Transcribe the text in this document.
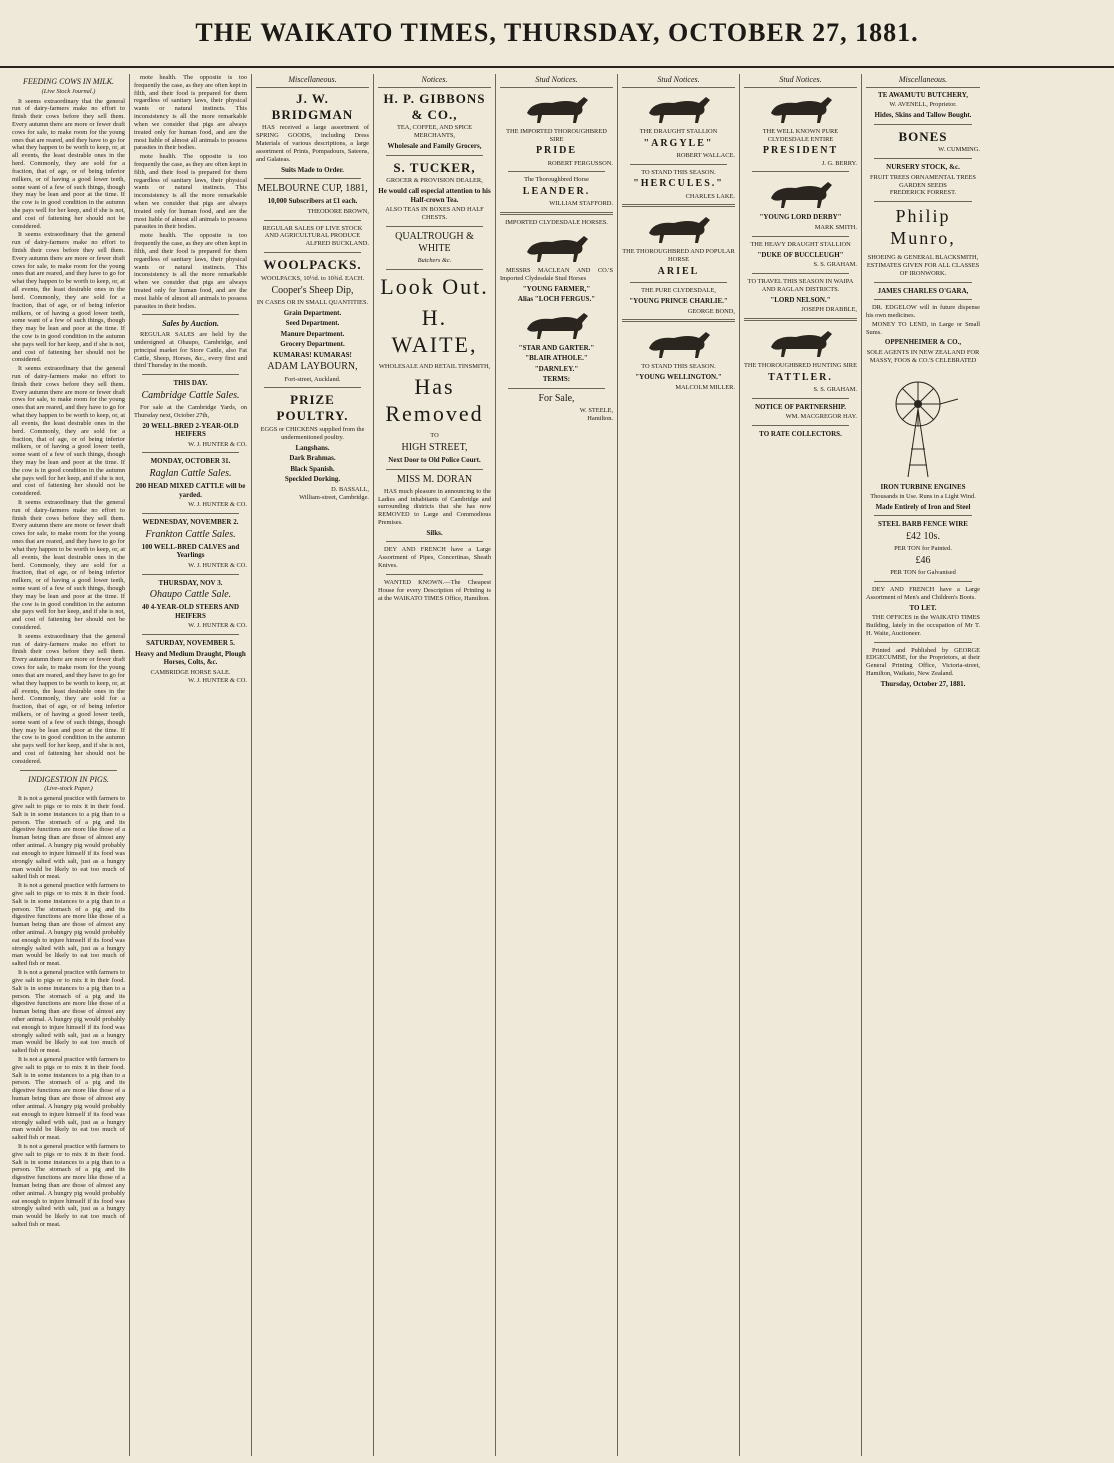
THE WAIKATO TIMES, THURSDAY, OCTOBER 27, 1881.
FEEDING COWS IN MILK.
(Live Stock Journal.)

It seems extraordinary that the general run of dairy-farmers make no effort to finish their cows before they sell them. Every autumn there are more or fewer draft cows for sale, to make room for the young ones that are reared, and they have to go for what they happen to be worth to keep, or, at all events, the least desirable ones in the herd. Commonly, they are sold for a fraction, that of age, or of being inferior milkers, or of having a good lower teeth, some want of a few of such things, though they may be lean and poor at the time. If the cow is in good condition in the autumn she pays well for her keep, and if she is not, and cost of fattening her should not be considered.

It seems extraordinary that the general run of dairy-farmers make no effort to finish their cows before they sell them. Every autumn there are more or fewer draft cows for sale, to make room for the young ones that are reared, and they have to go for what they happen to be worth to keep, or, at all events, the least desirable ones in the herd. Commonly, they are sold for a fraction, that of age, or of being inferior milkers, or of having a good lower teeth, some want of a few of such things, though they may be lean and poor at the time. If the cow is in good condition in the autumn she pays well for her keep, and if she is not, and cost of fattening her should not be considered.

It seems extraordinary that the general run of dairy-farmers make no effort to finish their cows before they sell them. Every autumn there are more or fewer draft cows for sale, to make room for the young ones that are reared, and they have to go for what they happen to be worth to keep, or, at all events, the least desirable ones in the herd. Commonly, they are sold for a fraction, that of age, or of being inferior milkers, or of having a good lower teeth, some want of a few of such things, though they may be lean and poor at the time. If the cow is in good condition in the autumn she pays well for her keep, and if she is not, and cost of fattening her should not be considered.

It seems extraordinary that the general run of dairy-farmers make no effort to finish their cows before they sell them. Every autumn there are more or fewer draft cows for sale, to make room for the young ones that are reared, and they have to go for what they happen to be worth to keep, or, at all events, the least desirable ones in the herd. Commonly, they are sold for a fraction, that of age, or of being inferior milkers, or of having a good lower teeth, some want of a few of such things, though they may be lean and poor at the time. If the cow is in good condition in the autumn she pays well for her keep, and if she is not, and cost of fattening her should not be considered.

It seems extraordinary that the general run of dairy-farmers make no effort to finish their cows before they sell them. Every autumn there are more or fewer draft cows for sale, to make room for the young ones that are reared, and they have to go for what they happen to be worth to keep, or, at all events, the least desirable ones in the herd. Commonly, they are sold for a fraction, that of age, or of being inferior milkers, or of having a good lower teeth, some want of a few of such things, though they may be lean and poor at the time. If the cow is in good condition in the autumn she pays well for her keep, and if she is not, and cost of fattening her should not be considered.

INDIGESTION IN PIGS.
(Live-stock Paper.)

It is not a general practice with farmers to give salt to pigs or to mix it in their food. Salt is in some instances to a pig than to a person. The stomach of a pig and its digestive functions are more like those of a human being than are those of almost any other animal. A hungry pig would probably eat enough to injure himself if its food was strongly salted with salt, just as a hungry man would be likely to eat too much of salted fish or meat.

It is not a general practice with farmers to give salt to pigs or to mix it in their food. Salt is in some instances to a pig than to a person. The stomach of a pig and its digestive functions are more like those of a human being than are those of almost any other animal. A hungry pig would probably eat enough to injure himself if its food was strongly salted with salt, just as a hungry man would be likely to eat too much of salted fish or meat.

It is not a general practice with farmers to give salt to pigs or to mix it in their food. Salt is in some instances to a pig than to a person. The stomach of a pig and its digestive functions are more like those of a human being than are those of almost any other animal. A hungry pig would probably eat enough to injure himself if its food was strongly salted with salt, just as a hungry man would be likely to eat too much of salted fish or meat.

It is not a general practice with farmers to give salt to pigs or to mix it in their food. Salt is in some instances to a pig than to a person. The stomach of a pig and its digestive functions are more like those of a human being than are those of almost any other animal. A hungry pig would probably eat enough to injure himself if its food was strongly salted with salt, just as a hungry man would be likely to eat too much of salted fish or meat.

It is not a general practice with farmers to give salt to pigs or to mix it in their food. Salt is in some instances to a pig than to a person. The stomach of a pig and its digestive functions are more like those of a human being than are those of almost any other animal. A hungry pig would probably eat enough to injure himself if its food was strongly salted with salt, just as a hungry man would be likely to eat too much of salted fish or meat.

mote health. The opposite is too frequently the case, as they are often kept in filth, and their food is prepared for them regardless of sanitary laws, their physical wants or natural instincts. This inconsistency is all the more remarkable when we consider that pigs are always treated only for human food, and are the most liable of almost all animals to possess parasites in their bodies.

mote health. The opposite is too frequently the case, as they are often kept in filth, and their food is prepared for them regardless of sanitary laws, their physical wants or natural instincts. This inconsistency is all the more remarkable when we consider that pigs are always treated only for human food, and are the most liable of almost all animals to possess parasites in their bodies.

mote health. The opposite is too frequently the case, as they are often kept in filth, and their food is prepared for them regardless of sanitary laws, their physical wants or natural instincts. This inconsistency is all the more remarkable when we consider that pigs are always treated only for human food, and are the most liable of almost all animals to possess parasites in their bodies.

Sales by Auction.

REGULAR SALES are held by the undersigned at Ohaupo, Cambridge, and principal market for Store Cattle, also Fat Cattle, Sheep, Horses, &c., every first and third Thursday in the month.

THIS DAY.
Cambridge Cattle Sales.

For sale at the Cambridge Yards, on Thursday next, October 27th,

20 WELL-BRED 2-YEAR-OLD HEIFERS
W. J. HUNTER & CO.
MONDAY, OCTOBER 31.
Raglan Cattle Sales.
200 HEAD MIXED CATTLE will be yarded.
W. J. HUNTER & CO.
WEDNESDAY, NOVEMBER 2.
Frankton Cattle Sales.
100 WELL-BRED CALVES and Yearlings
W. J. HUNTER & CO.
THURSDAY, NOV 3.
Ohaupo Cattle Sale.
40 4-YEAR-OLD STEERS AND HEIFERS
W. J. HUNTER & CO.
SATURDAY, NOVEMBER 5.
Heavy and Medium Draught, Plough Horses, Colts, &c.
CAMBRIDGE HORSE SALE.
W. J. HUNTER & CO.
Miscellaneous.
J. W. BRIDGMAN

HAS received a large assortment of SPRING GOODS, including Dress Materials of various descriptions, a large assortment of Prints, Pompadours, Sateens, and Galateas.

Suits Made to Order.
MELBOURNE CUP, 1881,
10,000 Subscribers at £1 each.
THEODORE BROWN,
REGULAR SALES OF LIVE STOCK AND AGRICULTURAL PRODUCE
ALFRED BUCKLAND.
WOOLPACKS.
WOOLPACKS, 10½d. to 10¾d. EACH.
Cooper's Sheep Dip,
IN CASES OR IN SMALL QUANTITIES.
Grain Department.
Seed Department.
Manure Department.
Grocery Department.
KUMARAS! KUMARAS!
ADAM LAYBOURN,
Fort-street, Auckland.
PRIZE POULTRY.
EGGS or CHICKENS supplied from the undermentioned poultry.
Langshans.
Dark Brahmas.
Black Spanish.
Speckled Dorking.
D. BASSALL,
William-street, Cambridge.
Notices.
H. P. GIBBONS & CO.,
TEA, COFFEE, AND SPICE MERCHANTS,
Wholesale and Family Grocers,
S. TUCKER,
GROCER & PROVISION DEALER,
He would call especial attention to his Half-crown Tea.
ALSO TEAS IN BOXES AND HALF CHESTS.
QUALTROUGH & WHITE
Butchers &c.
Look Out.
H. WAITE,
WHOLESALE AND RETAIL TINSMITH,
Has Removed
TO
HIGH STREET,
Next Door to Old Police Court.
MISS M. DORAN

HAS much pleasure in announcing to the Ladies and inhabitants of Cambridge and surrounding districts that she has now REMOVED to Large and Commodious Premises.

Silks.

DEY AND FRENCH have a Large Assortment of Pipes, Concertinas, Sheath Knives.

WANTED KNOWN.—The Cheapest House for every Description of Printing is at the WAIKATO TIMES Office, Hamilton.

Stud Notices.
THE IMPORTED THOROUGHBRED SIRE
PRIDE
ROBERT FERGUSSON.
The Thoroughbred Horse
LEANDER.
WILLIAM STAFFORD.
IMPORTED CLYDESDALE HORSES.

MESSRS MACLEAN AND CO.'S Imported Clydesdale Stud Horses

"YOUNG FARMER,"
Alias "LOCH FERGUS."
"STAR AND GARTER."
"BLAIR ATHOLE."
"DARNLEY."
TERMS:
For Sale,
W. STEELE,
Hamilton.
Stud Notices.
THE DRAUGHT STALLION
"ARGYLE"
ROBERT WALLACE.
TO STAND THIS SEASON.
"HERCULES."
CHARLES LAKE.
THE THOROUGHBRED AND POPULAR HORSE
ARIEL
THE PURE CLYDESDALE,
"YOUNG PRINCE CHARLIE."
GEORGE BOND,
TO STAND THIS SEASON.
"YOUNG WELLINGTON."
MALCOLM MILLER.
Stud Notices.
THE WELL KNOWN PURE CLYDESDALE ENTIRE
PRESIDENT
J. G. BERRY.
"YOUNG LORD DERBY"
MARK SMITH.
THE HEAVY DRAUGHT STALLION
"DUKE OF BUCCLEUGH"
S. S. GRAHAM.
TO TRAVEL THIS SEASON IN WAIPA AND RAGLAN DISTRICTS.
"LORD NELSON."
JOSEPH DRABBLE,
THE THOROUGHBRED HUNTING SIRE
TATTLER.
S. S. GRAHAM.
NOTICE OF PARTNERSHIP.
WM. MACGREGOR HAY.
TO RATE COLLECTORS.
Miscellaneous.
TE AWAMUTU BUTCHERY,
W. AVENELL, Proprietor.
Hides, Skins and Tallow Bought.
BONES
W. CUMMING.
NURSERY STOCK, &c.
FRUIT TREES ORNAMENTAL TREES GARDEN SEEDS
FREDERICK FORREST.
Philip Munro,
SHOEING & GENERAL BLACKSMITH,
ESTIMATES GIVEN FOR ALL CLASSES OF IRONWORK.
JAMES CHARLES O'GARA,

DR. EDGELOW will in future dispense his own medicines.

MONEY TO LEND, in Large or Small Sums.

OPPENHEIMER & CO.,
SOLE AGENTS IN NEW ZEALAND FOR MASSY, FOOS & CO.'S CELEBRATED
IRON TURBINE ENGINES
Thousands in Use. Runs in a Light Wind.
Made Entirely of Iron and Steel
STEEL BARB FENCE WIRE
£42 10s.
PER TON for Painted.
£46
PER TON for Galvanised

DEY AND FRENCH have a Large Assortment of Men's and Children's Boots.

TO LET.

THE OFFICES in the WAIKATO TIMES Building, lately in the occupation of Mr T. H. Waite, Auctioneer.

Printed and Published by GEORGE EDGECUMBE, for the Proprietors, at their General Printing Office, Victoria-street, Hamilton, Waikato, New Zealand.

Thursday, October 27, 1881.
